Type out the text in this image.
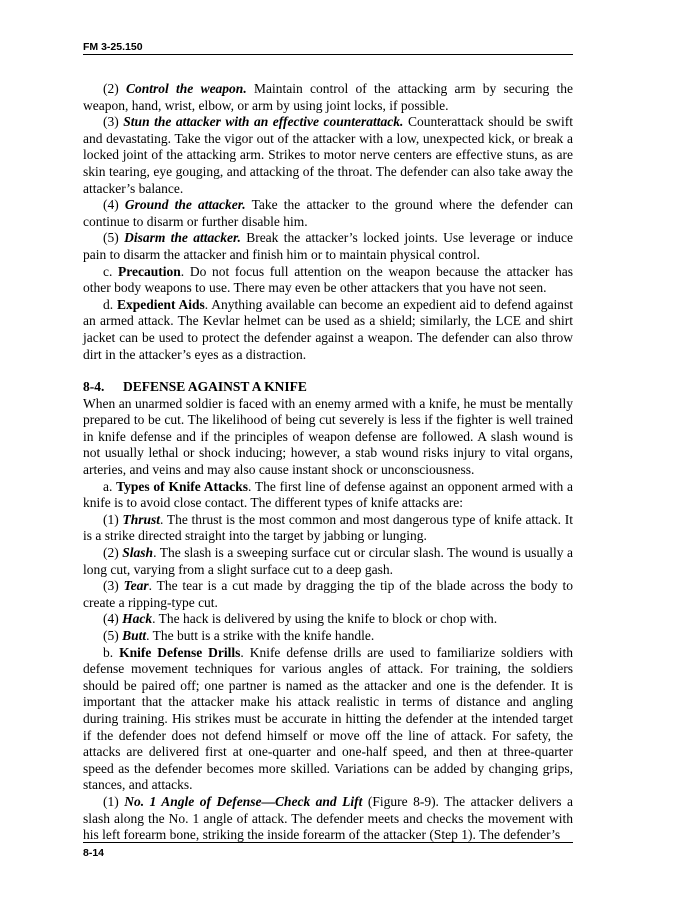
FM 3-25.150

(2) Control the weapon. Maintain control of the attacking arm by securing the weapon, hand, wrist, elbow, or arm by using joint locks, if possible.

(3) Stun the attacker with an effective counterattack. Counterattack should be swift and devastating. Take the vigor out of the attacker with a low, unexpected kick, or break a locked joint of the attacking arm. Strikes to motor nerve centers are effective stuns, as are skin tearing, eye gouging, and attacking of the throat. The defender can also take away the attacker’s balance.

(4) Ground the attacker. Take the attacker to the ground where the defender can continue to disarm or further disable him.

(5) Disarm the attacker. Break the attacker’s locked joints. Use leverage or induce pain to disarm the attacker and finish him or to maintain physical control.

c. Precaution. Do not focus full attention on the weapon because the attacker has other body weapons to use. There may even be other attackers that you have not seen.

d. Expedient Aids. Anything available can become an expedient aid to defend against an armed attack. The Kevlar helmet can be used as a shield; similarly, the LCE and shirt jacket can be used to protect the defender against a weapon. The defender can also throw dirt in the attacker’s eyes as a distraction.

8-4. DEFENSE AGAINST A KNIFE

When an unarmed soldier is faced with an enemy armed with a knife, he must be mentally prepared to be cut. The likelihood of being cut severely is less if the fighter is well trained in knife defense and if the principles of weapon defense are followed. A slash wound is not usually lethal or shock inducing; however, a stab wound risks injury to vital organs, arteries, and veins and may also cause instant shock or unconsciousness.

a. Types of Knife Attacks. The first line of defense against an opponent armed with a knife is to avoid close contact. The different types of knife attacks are:

(1) Thrust. The thrust is the most common and most dangerous type of knife attack. It is a strike directed straight into the target by jabbing or lunging.

(2) Slash. The slash is a sweeping surface cut or circular slash. The wound is usually a long cut, varying from a slight surface cut to a deep gash.

(3) Tear. The tear is a cut made by dragging the tip of the blade across the body to create a ripping-type cut.

(4) Hack. The hack is delivered by using the knife to block or chop with.

(5) Butt. The butt is a strike with the knife handle.

b. Knife Defense Drills. Knife defense drills are used to familiarize soldiers with defense movement techniques for various angles of attack. For training, the soldiers should be paired off; one partner is named as the attacker and one is the defender. It is important that the attacker make his attack realistic in terms of distance and angling during training. His strikes must be accurate in hitting the defender at the intended target if the defender does not defend himself or move off the line of attack. For safety, the attacks are delivered first at one-quarter and one-half speed, and then at three-quarter speed as the defender becomes more skilled. Variations can be added by changing grips, stances, and attacks.

(1) No. 1 Angle of Defense—Check and Lift (Figure 8-9). The attacker delivers a slash along the No. 1 angle of attack. The defender meets and checks the movement with his left forearm bone, striking the inside forearm of the attacker (Step 1). The defender’s

8-14
